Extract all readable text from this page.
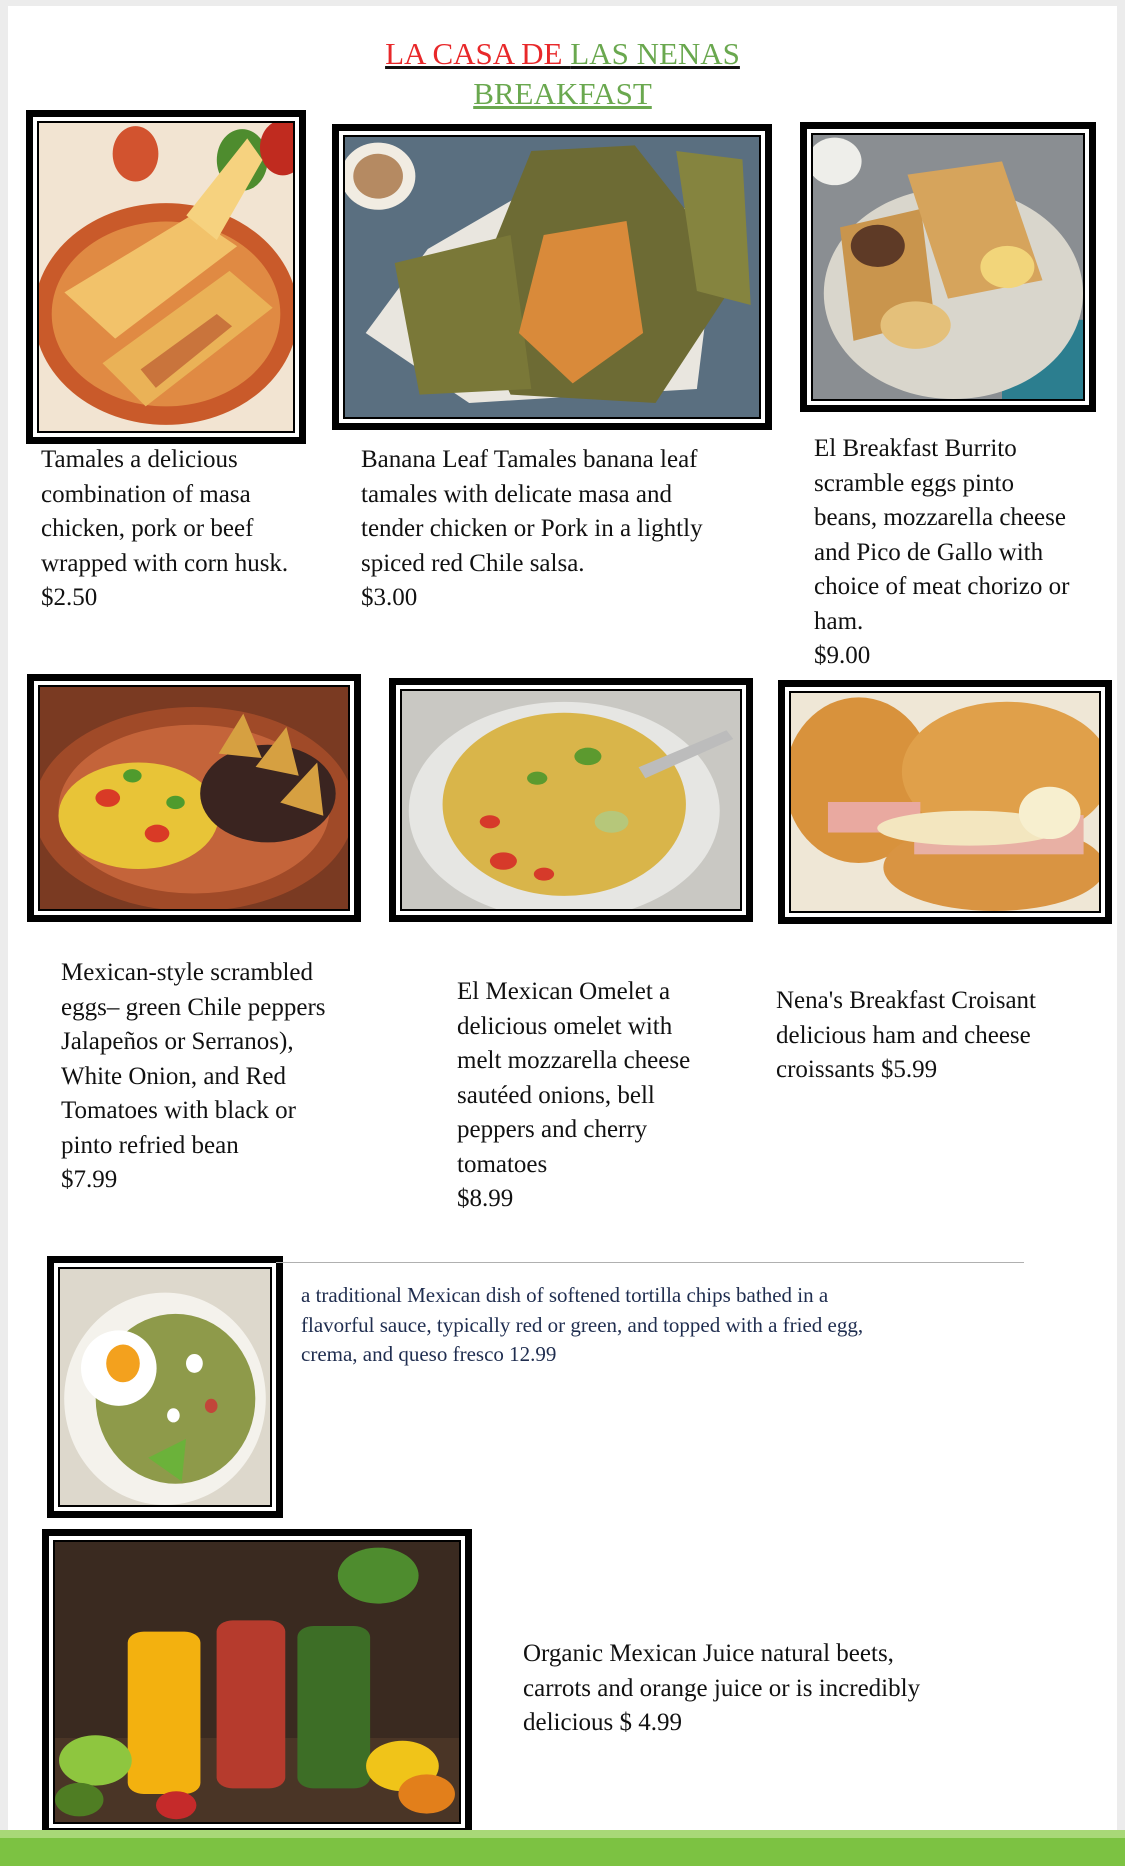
LA CASA DE LAS NENAS
BREAKFAST
Tamales a delicious combination of masa chicken, pork or beef wrapped with corn husk.
$2.50
Banana Leaf Tamales banana leaf tamales with delicate masa and tender chicken or Pork in a lightly spiced red Chile salsa.
$3.00
El Breakfast Burrito scramble eggs pinto beans, mozzarella cheese and Pico de Gallo with choice of meat chorizo or ham.
$9.00
Mexican-style scrambled eggs– green Chile peppers Jalapeños or Serranos), White Onion, and Red Tomatoes with black or pinto refried bean
$7.99
El Mexican Omelet a delicious omelet with melt mozzarella cheese sautéed onions, bell peppers and cherry tomatoes
$8.99
Nena's Breakfast Croisant delicious ham and cheese croissants $5.99
a traditional Mexican dish of softened tortilla chips bathed in a flavorful sauce, typically red or green, and topped with a fried egg, crema, and queso fresco 12.99
Organic Mexican Juice natural beets, carrots and orange juice or is incredibly delicious $ 4.99
